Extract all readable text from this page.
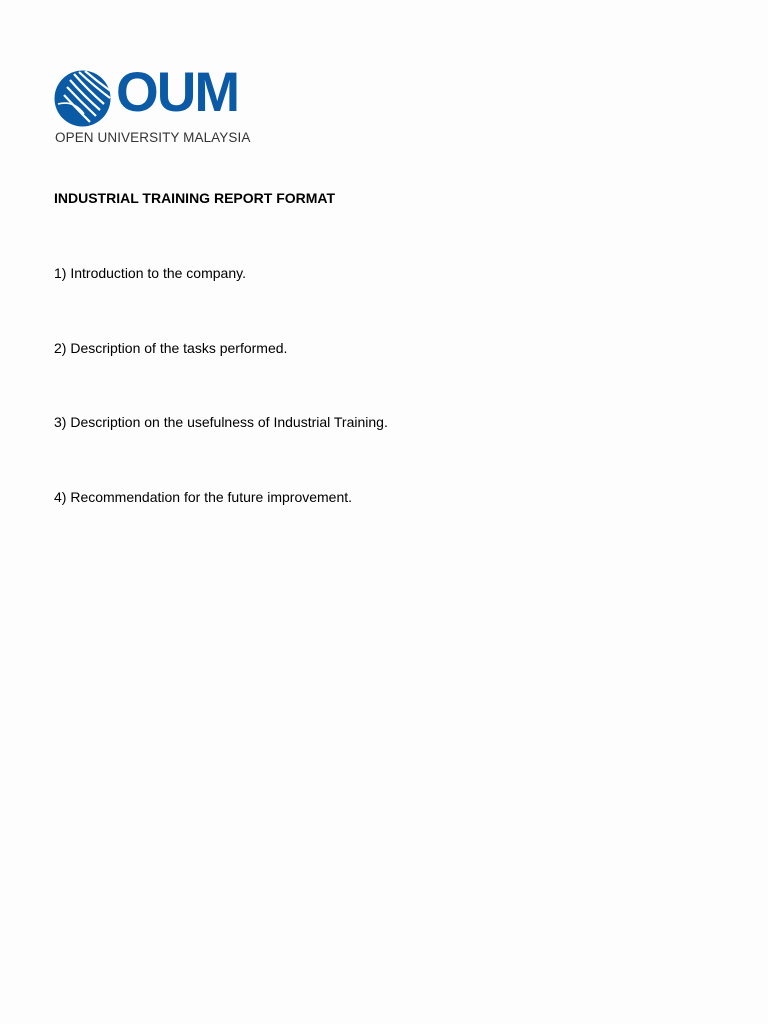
OUM
OPEN UNIVERSITY MALAYSIA
INDUSTRIAL TRAINING REPORT FORMAT
1) Introduction to the company.
2) Description of the tasks performed.
3) Description on the usefulness of Industrial Training.
4) Recommendation for the future improvement.
